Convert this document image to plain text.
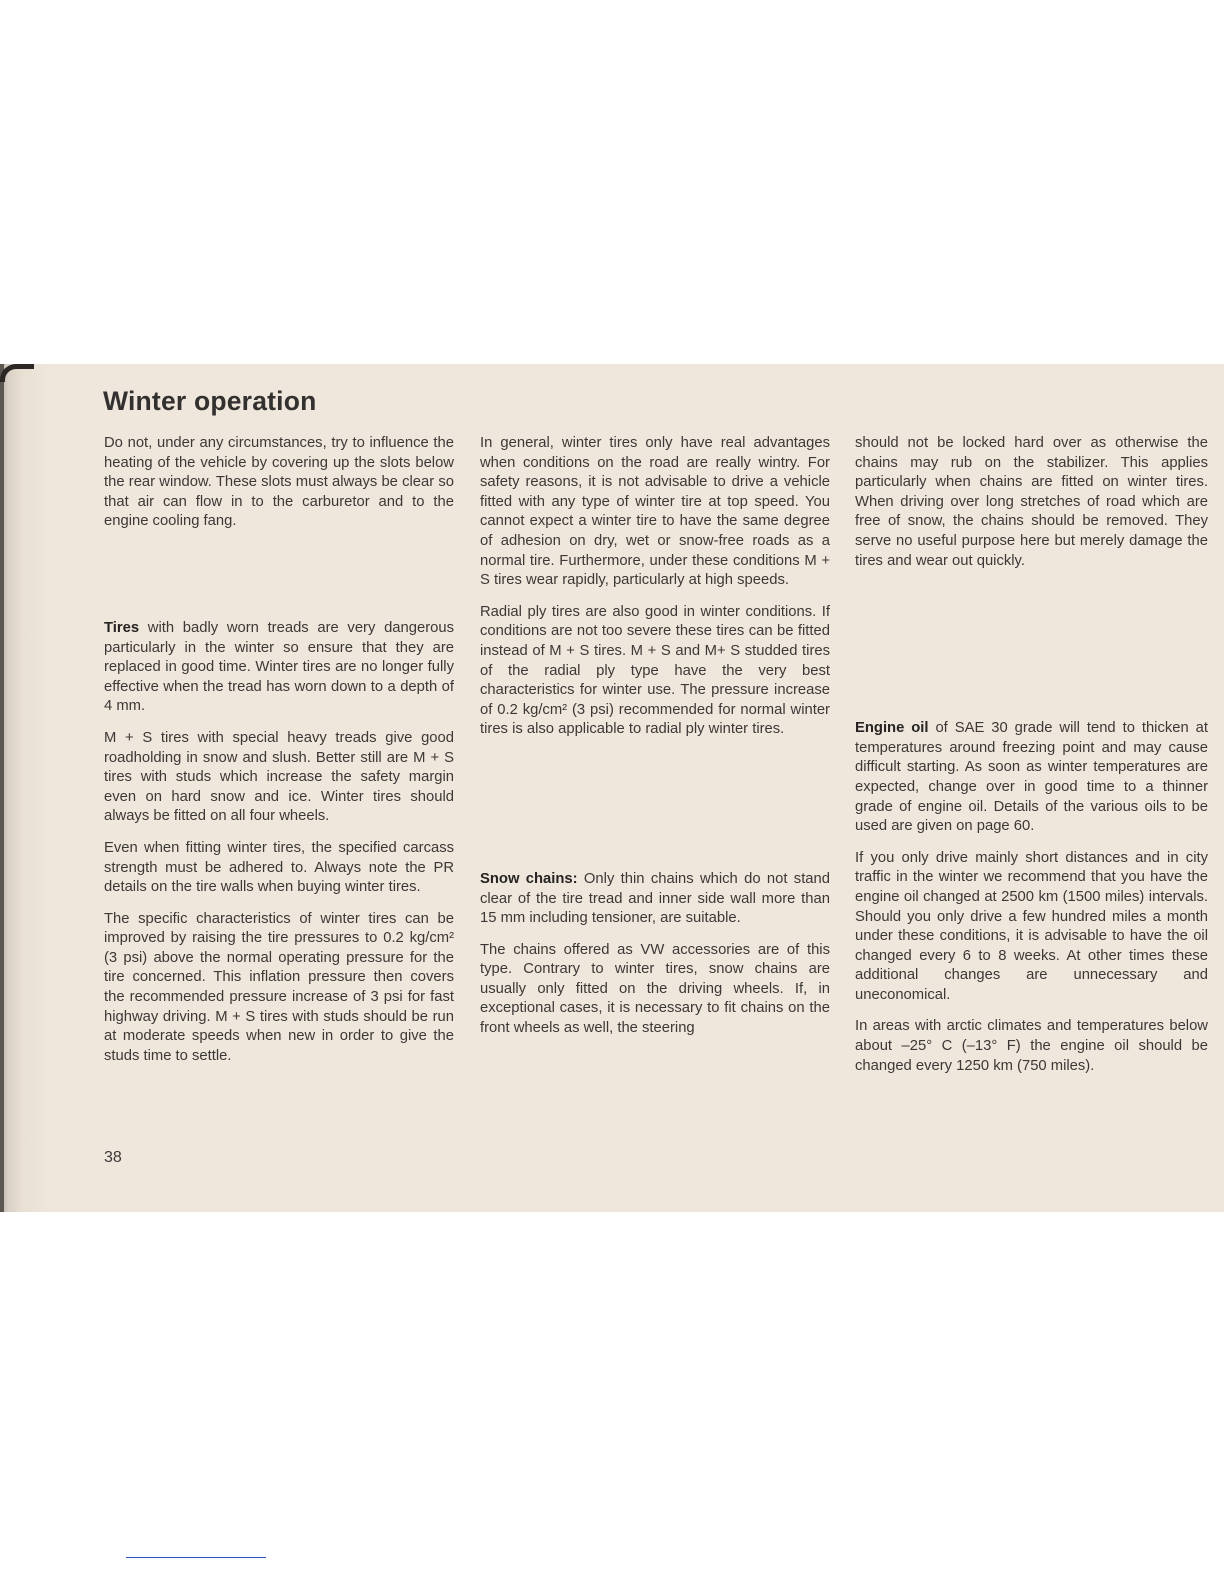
Winter operation

Do not, under any circumstances, try to influence the heating of the vehicle by covering up the slots below the rear window. These slots must always be clear so that air can flow in to the carburetor and to the engine cooling fang.

Tires with badly worn treads are very dangerous particularly in the winter so ensure that they are replaced in good time. Winter tires are no longer fully effective when the tread has worn down to a depth of 4 mm.

M + S tires with special heavy treads give good roadholding in snow and slush. Better still are M + S tires with studs which increase the safety margin even on hard snow and ice. Winter tires should always be fitted on all four wheels.

Even when fitting winter tires, the specified carcass strength must be adhered to. Always note the PR details on the tire walls when buying winter tires.

The specific characteristics of winter tires can be improved by raising the tire pressures to 0.2 kg/cm² (3 psi) above the normal operating pressure for the tire concerned. This inflation pressure then covers the recommended pressure increase of 3 psi for fast highway driving. M + S tires with studs should be run at moderate speeds when new in order to give the studs time to settle.

In general, winter tires only have real advantages when conditions on the road are really wintry. For safety reasons, it is not advisable to drive a vehicle fitted with any type of winter tire at top speed. You cannot expect a winter tire to have the same degree of adhesion on dry, wet or snow-free roads as a normal tire. Furthermore, under these conditions M + S tires wear rapidly, particularly at high speeds.

Radial ply tires are also good in winter conditions. If conditions are not too severe these tires can be fitted instead of M + S tires. M + S and M+ S studded tires of the radial ply type have the very best characteristics for winter use. The pressure increase of 0.2 kg/cm² (3 psi) recommended for normal winter tires is also applicable to radial ply winter tires.

Snow chains: Only thin chains which do not stand clear of the tire tread and inner side wall more than 15 mm including tensioner, are suitable.

The chains offered as VW accessories are of this type. Contrary to winter tires, snow chains are usually only fitted on the driving wheels. If, in exceptional cases, it is necessary to fit chains on the front wheels as well, the steering

should not be locked hard over as otherwise the chains may rub on the stabilizer. This applies particularly when chains are fitted on winter tires. When driving over long stretches of road which are free of snow, the chains should be removed. They serve no useful purpose here but merely damage the tires and wear out quickly.

Engine oil of SAE 30 grade will tend to thicken at temperatures around freezing point and may cause difficult starting. As soon as winter temperatures are expected, change over in good time to a thinner grade of engine oil. Details of the various oils to be used are given on page 60.

If you only drive mainly short distances and in city traffic in the winter we recommend that you have the engine oil changed at 2500 km (1500 miles) intervals. Should you only drive a few hundred miles a month under these conditions, it is advisable to have the oil changed every 6 to 8 weeks. At other times these additional changes are unnecessary and uneconomical.

In areas with arctic climates and temperatures below about –25° C (–13° F) the engine oil should be changed every 1250 km (750 miles).

38
